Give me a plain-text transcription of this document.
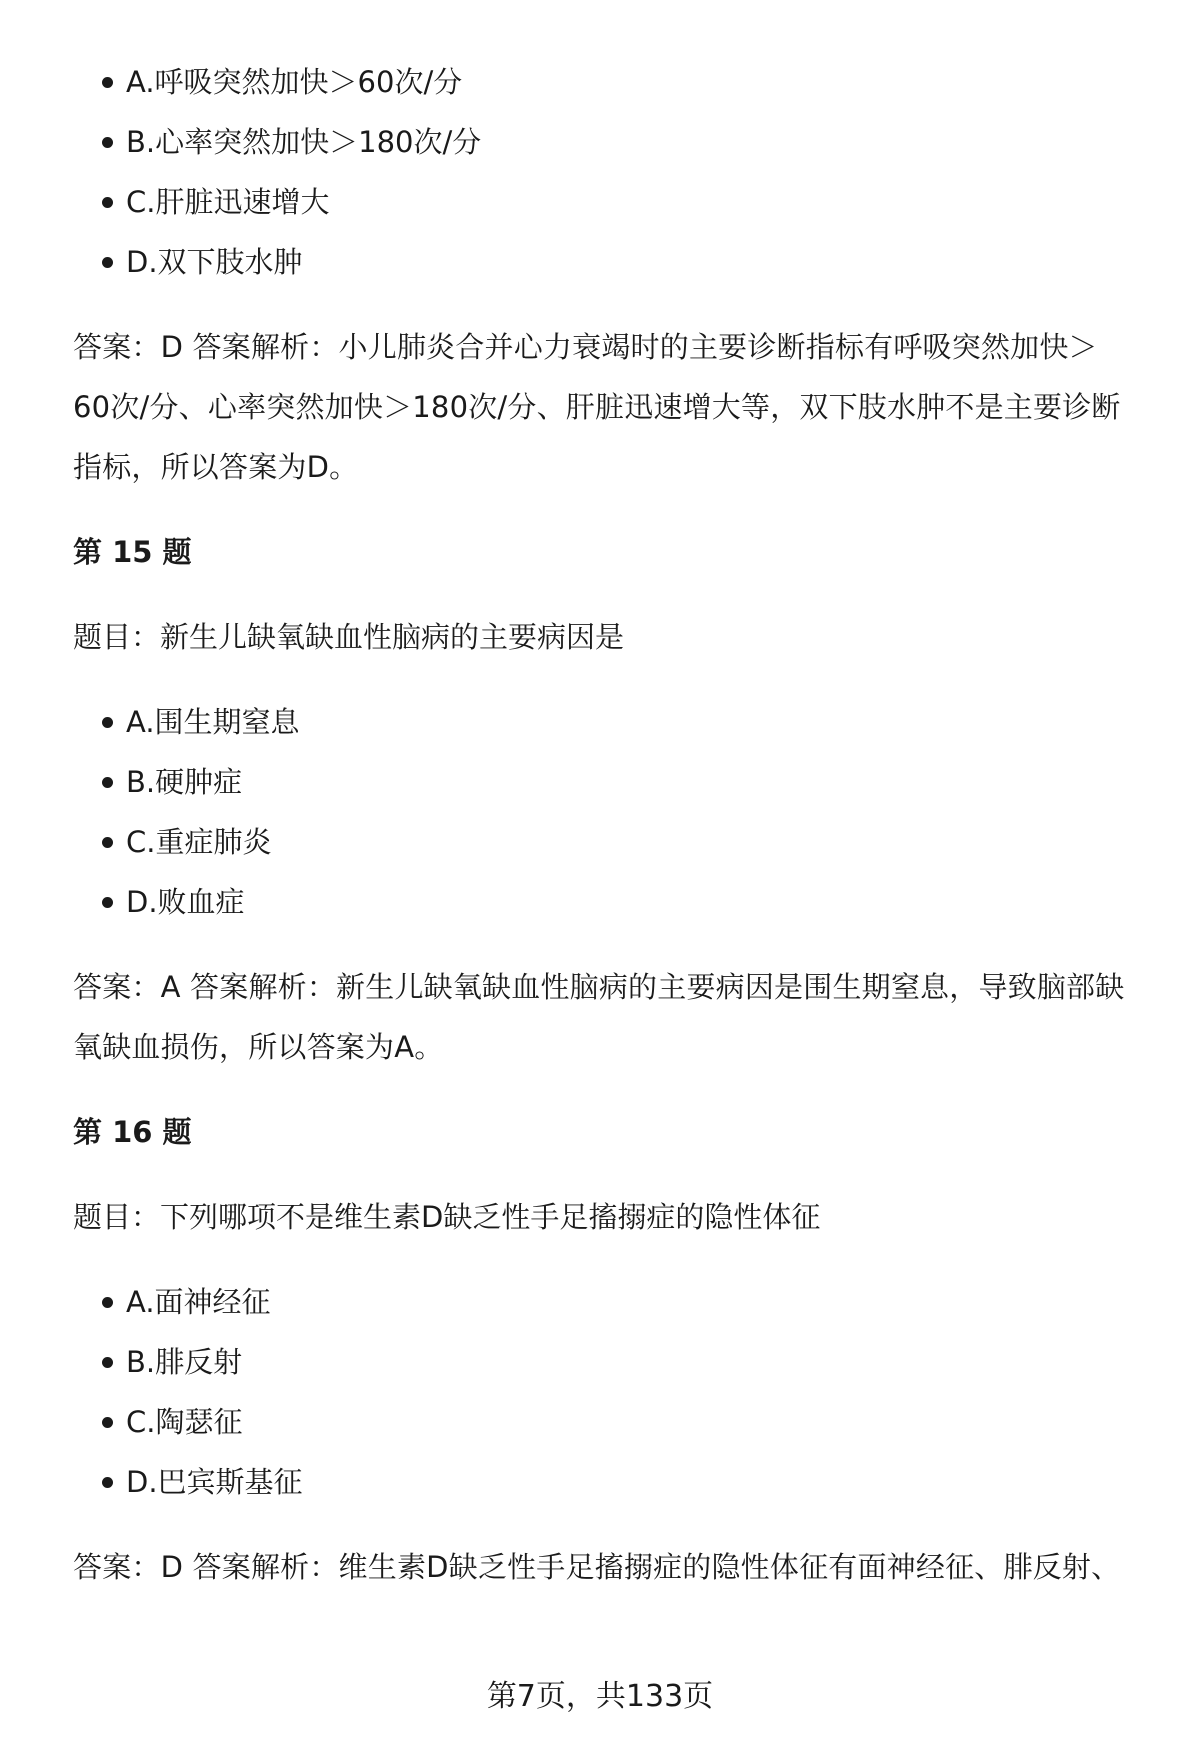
A.呼吸突然加快＞60次/分
B.心率突然加快＞180次/分
C.肝脏迅速增大
D.双下肢水肿

答案：D 答案解析：小儿肺炎合并心力衰竭时的主要诊断指标有呼吸突然加快＞60次/分、心率突然加快＞180次/分、肝脏迅速增大等，双下肢水肿不是主要诊断指标，所以答案为D。

第 15 题

题目：新生儿缺氧缺血性脑病的主要病因是

A.围生期窒息
B.硬肿症
C.重症肺炎
D.败血症

答案：A 答案解析：新生儿缺氧缺血性脑病的主要病因是围生期窒息，导致脑部缺氧缺血损伤，所以答案为A。

第 16 题

题目：下列哪项不是维生素D缺乏性手足搐搦症的隐性体征

A.面神经征
B.腓反射
C.陶瑟征
D.巴宾斯基征

答案：D 答案解析：维生素D缺乏性手足搐搦症的隐性体征有面神经征、腓反射、

第7页，共133页
